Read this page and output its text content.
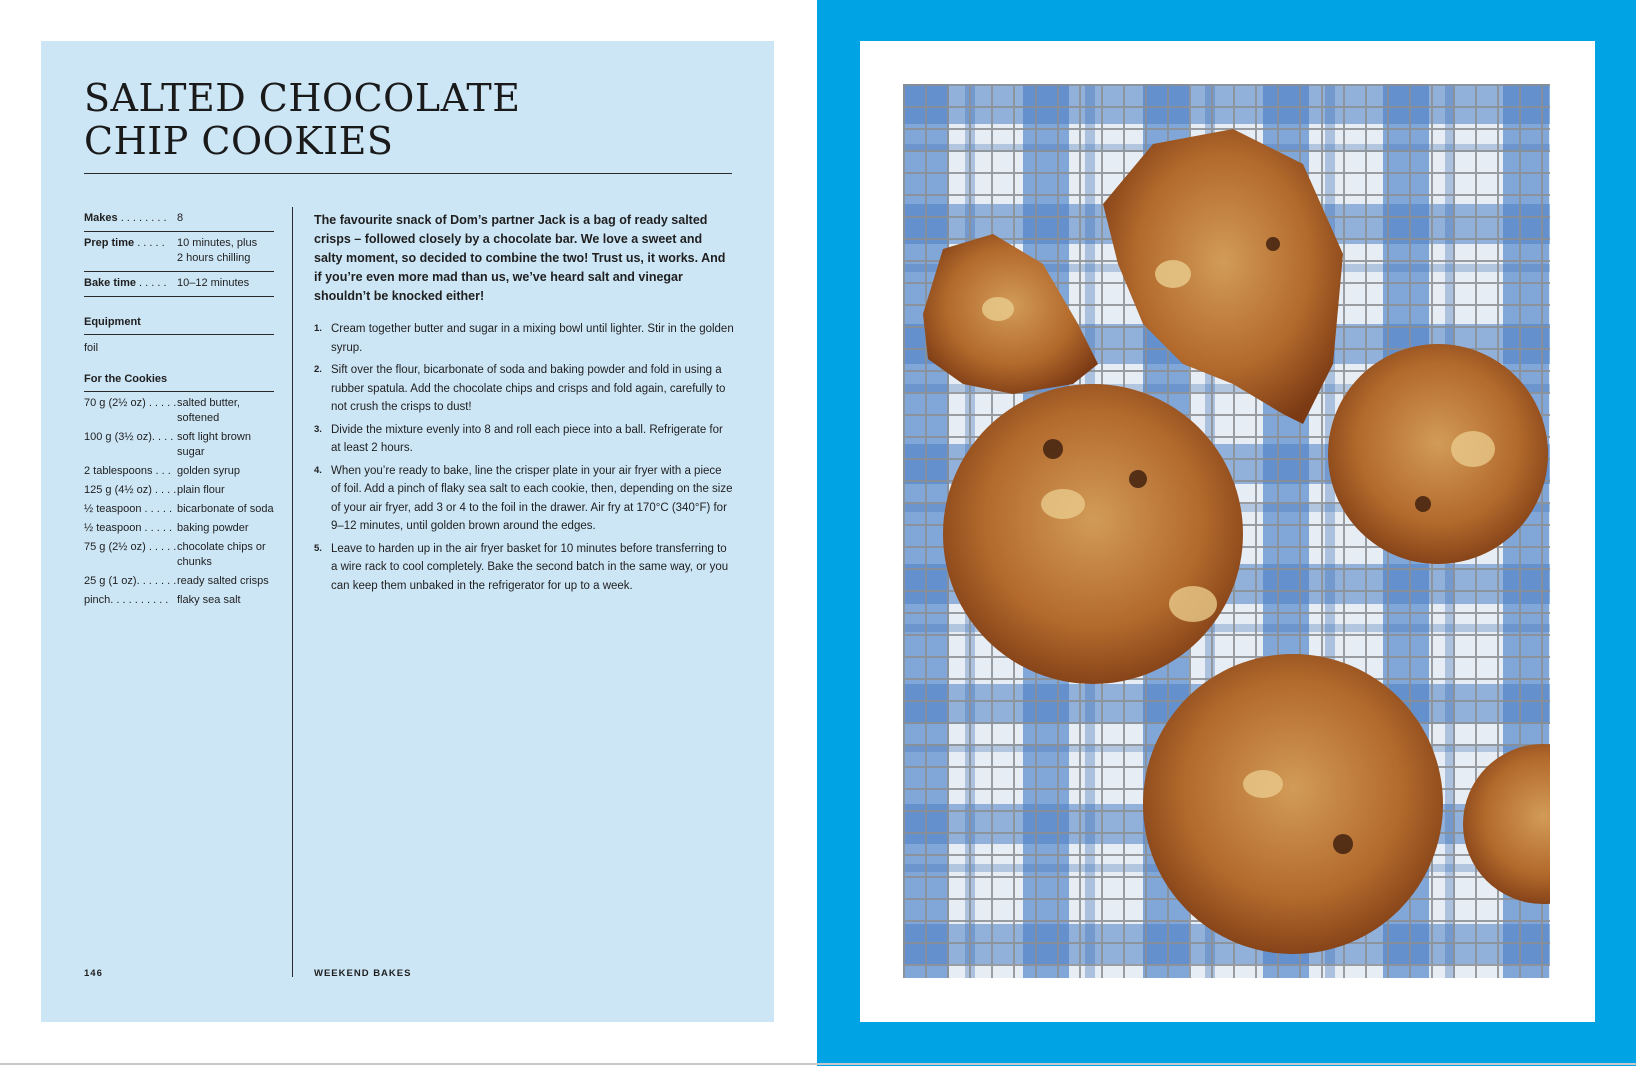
SALTED CHOCOLATE
CHIP COOKIES
Makes . . . . . . . . 8
Prep time . . . . .	10 minutes, plus
2 hours chilling
Bake time . . . . . 10–12 minutes
Equipment
foil
For the Cookies
70 g (2½ oz) . . . . . salted butter, softened
100 g (3½ oz). . . . soft light brown sugar
2 tablespoons . . . golden syrup
125 g (4½ oz) . . . . plain flour
½ teaspoon . . . . . bicarbonate of soda
½ teaspoon . . . . . baking powder
75 g (2½ oz) . . . . . chocolate chips or chunks
25 g (1 oz). . . . . . . ready salted crisps
pinch. . . . . . . . . . flaky sea salt

The favourite snack of Dom’s partner Jack is a bag of ready salted crisps – followed closely by a chocolate bar. We love a sweet and salty moment, so decided to combine the two! Trust us, it works. And if you’re even more mad than us, we’ve heard salt and vinegar shouldn’t be knocked either!

1. Cream together butter and sugar in a mixing bowl until lighter. Stir in the golden syrup.
2. Sift over the flour, bicarbonate of soda and baking powder and fold in using a rubber spatula. Add the chocolate chips and crisps and fold again, carefully to not crush the crisps to dust!
3. Divide the mixture evenly into 8 and roll each piece into a ball. Refrigerate for at least 2 hours.
4. When you’re ready to bake, line the crisper plate in your air fryer with a piece of foil. Add a pinch of flaky sea salt to each cookie, then, depending on the size of your air fryer, add 3 or 4 to the foil in the drawer. Air fry at 170°C (340°F) for 9–12 minutes, until golden brown around the edges.
5. Leave to harden up in the air fryer basket for 10 minutes before transferring to a wire rack to cool completely. Bake the second batch in the same way, or you can keep them unbaked in the refrigerator for up to a week.
146	WEEKEND BAKES
